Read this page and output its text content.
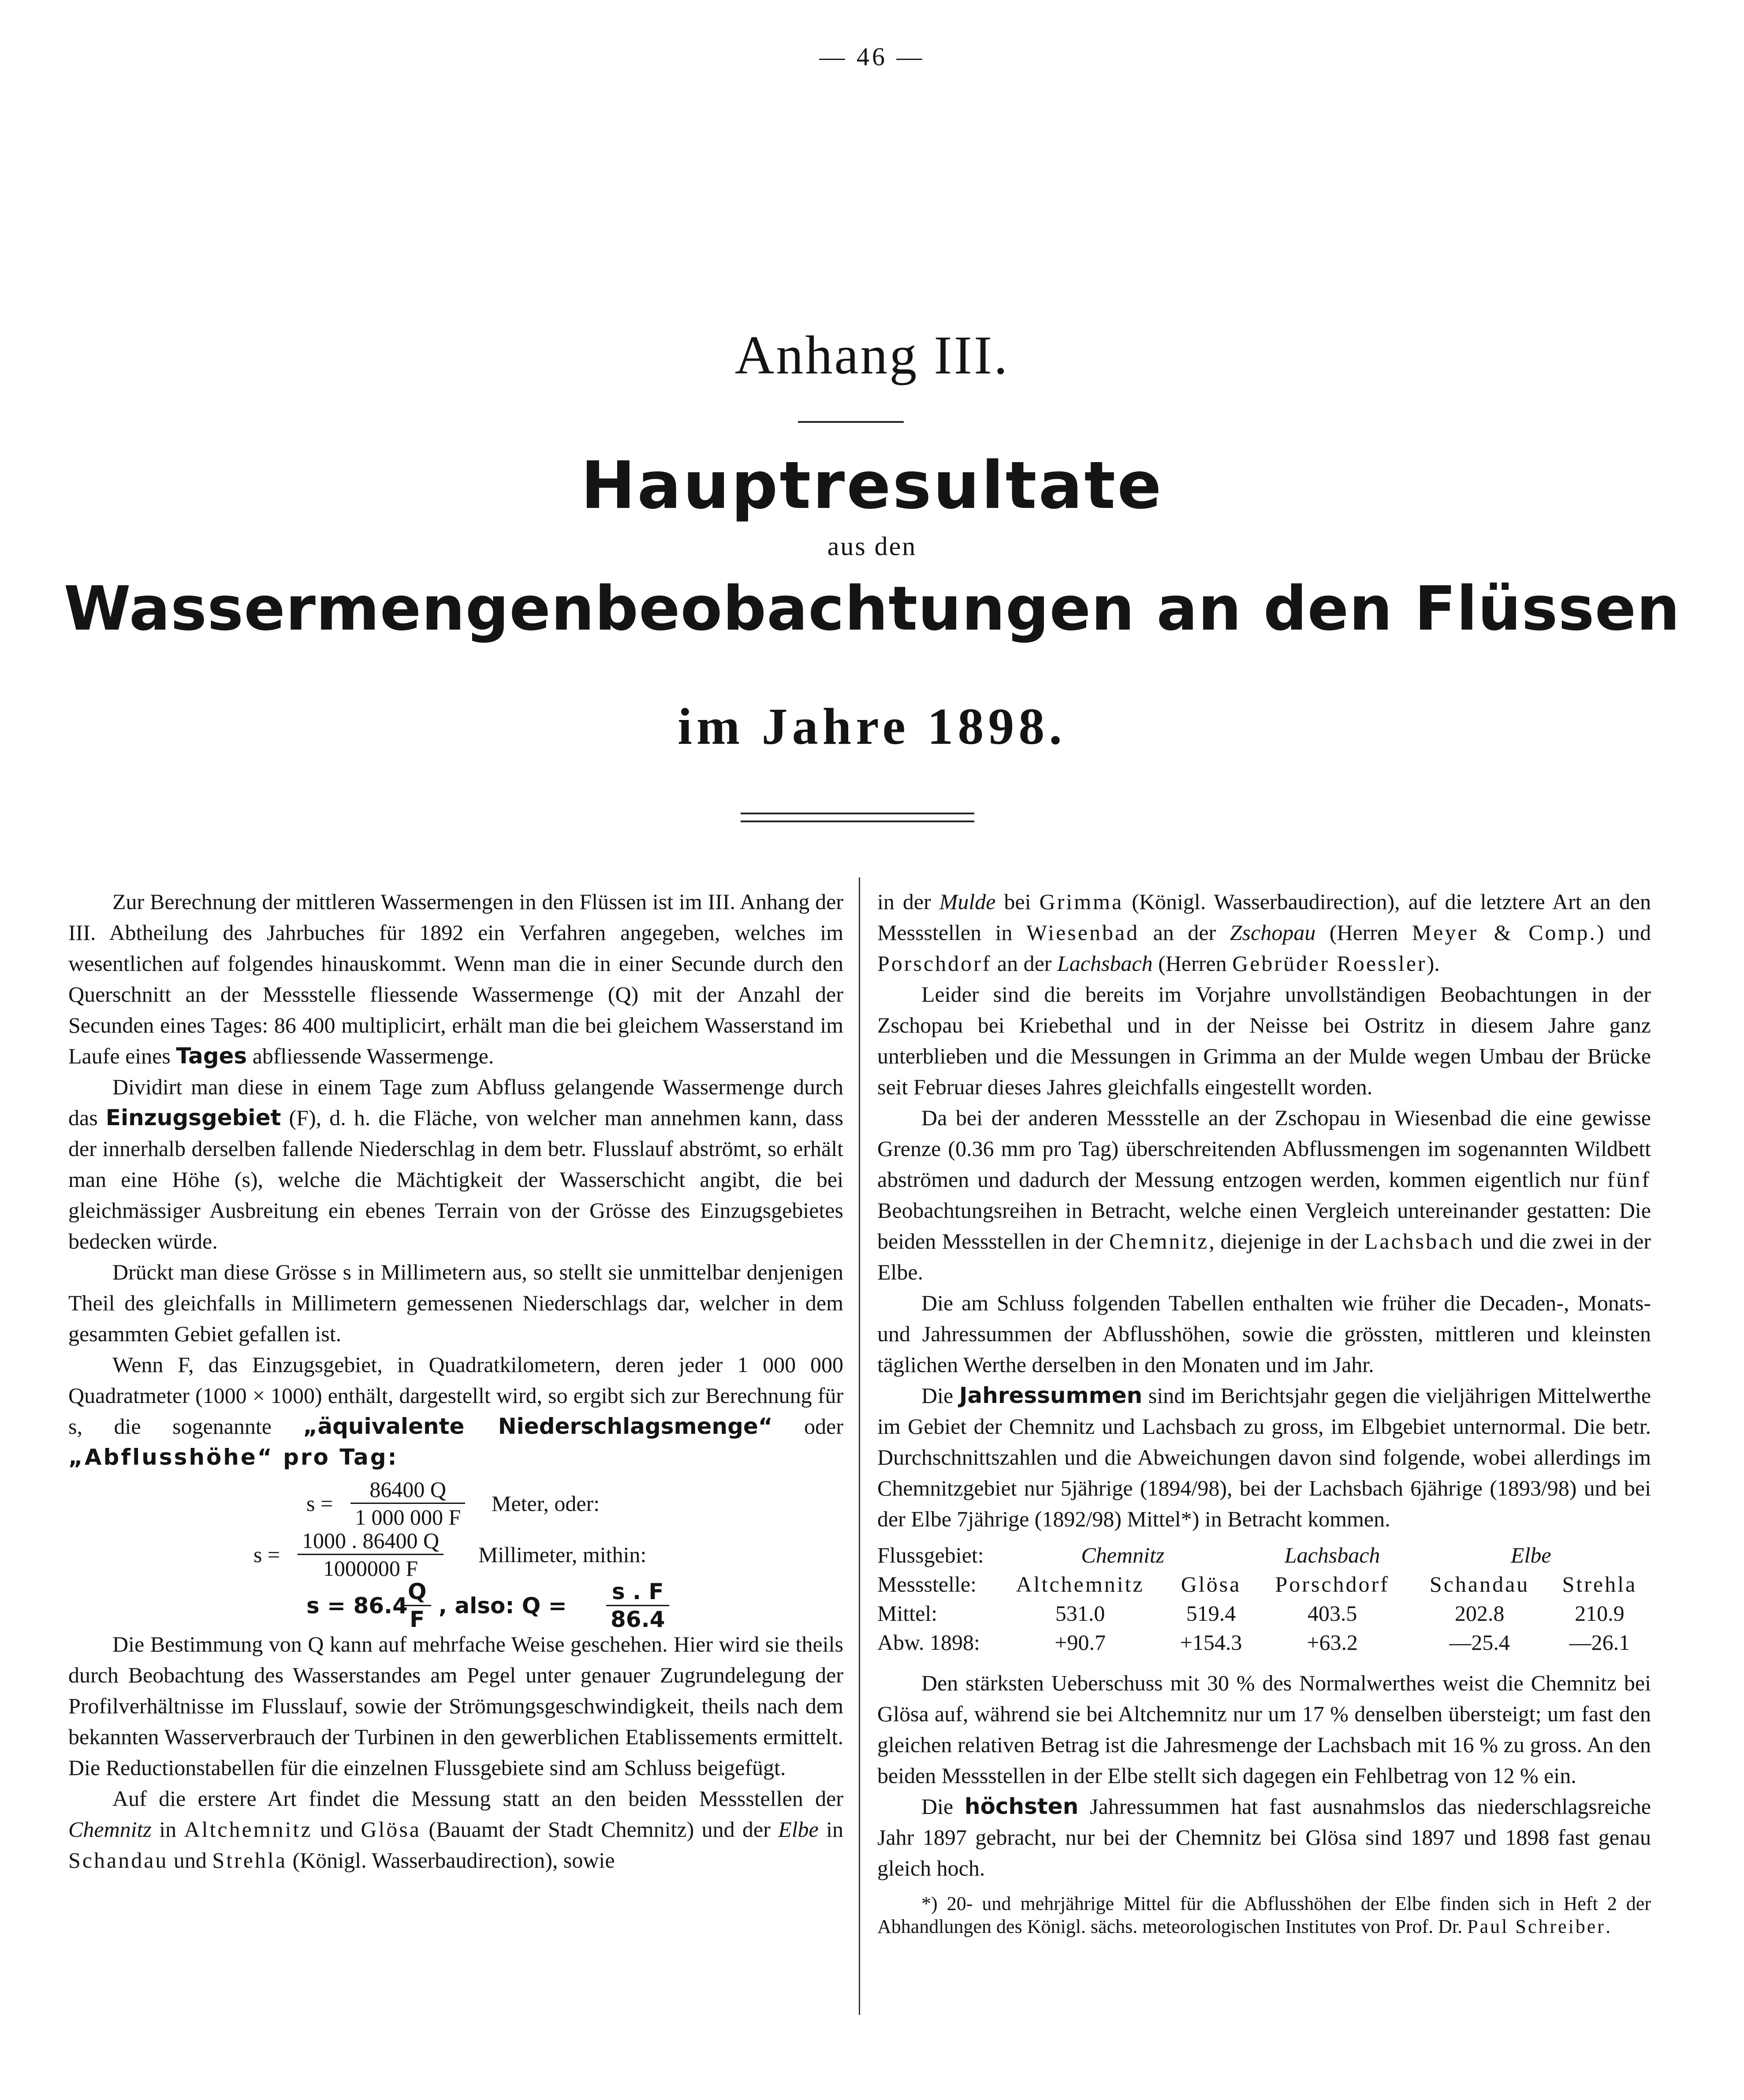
— 46 —
Anhang III.
Hauptresultate
aus den
Wassermengenbeobachtungen an den Flüssen
im Jahre 1898.

Zur Berechnung der mittleren Wassermengen in den Flüssen ist im III. Anhang der III. Abtheilung des Jahrbuches für 1892 ein Verfahren angegeben, welches im wesentlichen auf folgendes hinauskommt. Wenn man die in einer Secunde durch den Querschnitt an der Messstelle fliessende Wassermenge (Q) mit der Anzahl der Secunden eines Tages: 86 400 multiplicirt, erhält man die bei gleichem Wasserstand im Laufe eines Tages abfliessende Wassermenge.

Dividirt man diese in einem Tage zum Abfluss gelangende Wassermenge durch das Einzugsgebiet (F), d. h. die Fläche, von welcher man annehmen kann, dass der innerhalb derselben fallende Niederschlag in dem betr. Flusslauf abströmt, so erhält man eine Höhe (s), welche die Mächtigkeit der Wasserschicht angibt, die bei gleichmässiger Ausbreitung ein ebenes Terrain von der Grösse des Einzugsgebietes bedecken würde.

Drückt man diese Grösse s in Millimetern aus, so stellt sie unmittelbar denjenigen Theil des gleichfalls in Millimetern gemessenen Niederschlags dar, welcher in dem gesammten Gebiet gefallen ist.

Wenn F, das Einzugsgebiet, in Quadratkilometern, deren jeder 1 000 000 Quadratmeter (1000 × 1000) enthält, dargestellt wird, so ergibt sich zur Berechnung für s, die sogenannte „äquivalente Niederschlagsmenge“ oder „Abflusshöhe“ pro Tag:

$s = \frac{86400 Q}{1 000 000 F}$ Meter, oder:
$s = \frac{1000 . 86400 Q}{1000000 F}$ Millimeter, mithin:
s = 86.4
$\frac{Q}{F}$ , also: $Q = \frac{s . F}{86.4}$

Die Bestimmung von Q kann auf mehrfache Weise geschehen. Hier wird sie theils durch Beobachtung des Wasserstandes am Pegel unter genauer Zugrundelegung der Profilverhältnisse im Flusslauf, sowie der Strömungsgeschwindigkeit, theils nach dem bekannten Wasserverbrauch der Turbinen in den gewerblichen Etablissements ermittelt. Die Reductionstabellen für die einzelnen Flussgebiete sind am Schluss beigefügt.

Auf die erstere Art findet die Messung statt an den beiden Messstellen der Chemnitz in Altchemnitz und Glösa (Bauamt der Stadt Chemnitz) und der Elbe in Schandau und Strehla (Königl. Wasserbaudirection), sowie

in der Mulde bei Grimma (Königl. Wasserbaudirection), auf die letztere Art an den Messstellen in Wiesenbad an der Zschopau (Herren Meyer & Comp.) und Porschdorf an der Lachsbach (Herren Gebrüder Roessler).

Leider sind die bereits im Vorjahre unvollständigen Beobachtungen in der Zschopau bei Kriebethal und in der Neisse bei Ostritz in diesem Jahre ganz unterblieben und die Messungen in Grimma an der Mulde wegen Umbau der Brücke seit Februar dieses Jahres gleichfalls eingestellt worden.

Da bei der anderen Messstelle an der Zschopau in Wiesenbad die eine gewisse Grenze (0.36 mm pro Tag) überschreitenden Abflussmengen im sogenannten Wildbett abströmen und dadurch der Messung entzogen werden, kommen eigentlich nur fünf Beobachtungsreihen in Betracht, welche einen Vergleich untereinander gestatten: Die beiden Messstellen in der Chemnitz, diejenige in der Lachsbach und die zwei in der Elbe.

Die am Schluss folgenden Tabellen enthalten wie früher die Decaden-, Monats- und Jahressummen der Abflusshöhen, sowie die grössten, mittleren und kleinsten täglichen Werthe derselben in den Monaten und im Jahr.

Die Jahressummen sind im Berichtsjahr gegen die vieljährigen Mittelwerthe im Gebiet der Chemnitz und Lachsbach zu gross, im Elbgebiet unternormal. Die betr. Durchschnittszahlen und die Abweichungen davon sind folgende, wobei allerdings im Chemnitzgebiet nur 5jährige (1894/98), bei der Lachsbach 6jährige (1893/98) und bei der Elbe 7jährige (1892/98) Mittel*) in Betracht kommen.

Flussgebiet:	Chemnitz		Lachsbach	Elbe	
Messstelle:	Altchemnitz	Glösa	Porschdorf	Schandau	Strehla
Mittel:	531.0	519.4	403.5	202.8	210.9
Abw. 1898:	+90.7	+154.3	+63.2	—25.4	—26.1

Den stärksten Ueberschuss mit 30 % des Normalwerthes weist die Chemnitz bei Glösa auf, während sie bei Altchemnitz nur um 17 % denselben übersteigt; um fast den gleichen relativen Betrag ist die Jahresmenge der Lachsbach mit 16 % zu gross. An den beiden Messstellen in der Elbe stellt sich dagegen ein Fehlbetrag von 12 % ein.

Die höchsten Jahressummen hat fast ausnahmslos das niederschlagsreiche Jahr 1897 gebracht, nur bei der Chemnitz bei Glösa sind 1897 und 1898 fast genau gleich hoch.

*) 20- und mehrjährige Mittel für die Abflusshöhen der Elbe finden sich in Heft 2 der Abhandlungen des Königl. sächs. meteorologischen Institutes von Prof. Dr. Paul Schreiber.
